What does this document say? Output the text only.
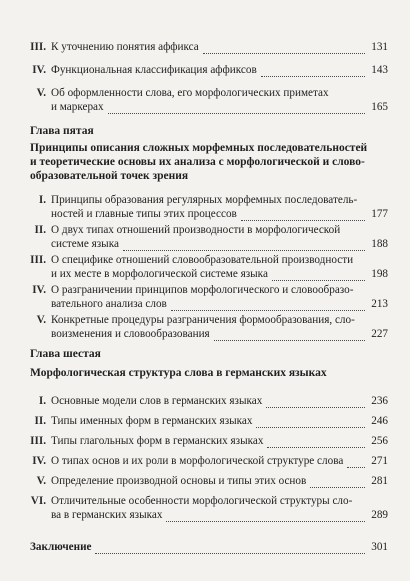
III. К уточнению понятия аффикса	131
IV. Функциональная классификация аффиксов	143
V. Об оформленности слова, его морфологических приметах
и маркерах	165
Глава пятая
Принципы описания сложных морфемных последовательностей
и теоретические основы их анализа с морфологической и слово-
образовательной точек зрения
I. Принципы образования регулярных морфемных последователь-
ностей и главные типы этих процессов	177
II. О двух типах отношений производности в морфологической
системе языка	188
III. О специфике отношений словообразовательной производности
и их месте в морфологической системе языка	198
IV. О разграничении принципов морфологического и словообразо-
вательного анализа слов	213
V. Конкретные процедуры разграничения формообразования, сло-
воизменения и словообразования	227
Глава шестая
Морфологическая структура слова в германских языках
I. Основные модели слов в германских языках	236
II. Типы именных форм в германских языках	246
III. Типы глагольных форм в германских языках	256
IV. О типах основ и их роли в морфологической структуре слова 271
V. Определение производной основы и типы этих основ	281
VI. Отличительные особенности морфологической структуры сло-
ва в германских языках	289
Заключение	301
